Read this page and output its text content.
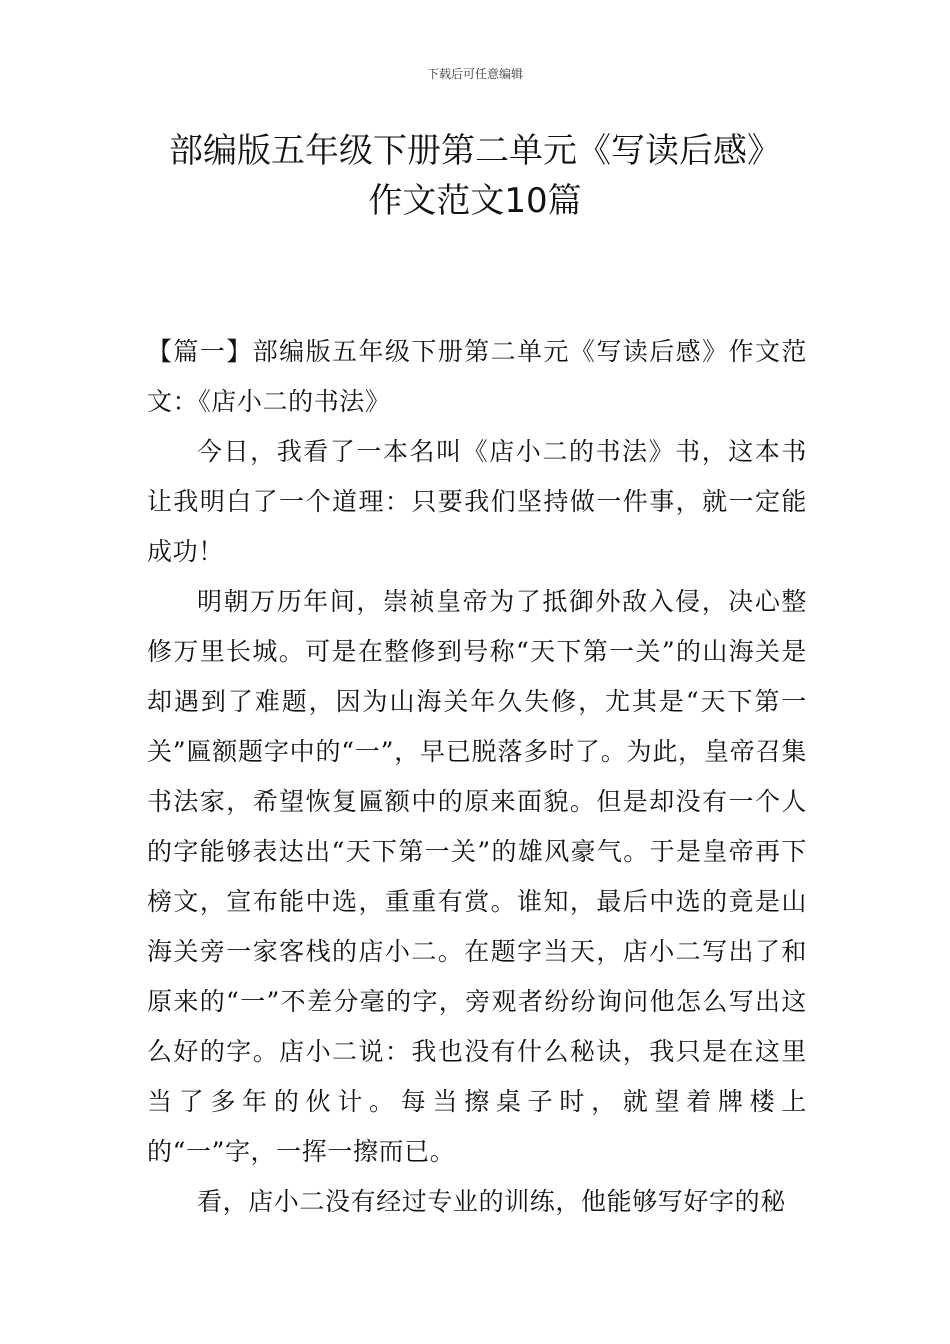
下载后可任意编辑
部编版五年级下册第二单元《写读后感》
作文范文10篇

【篇一】部编版五年级下册第二单元《写读后感》作文范文：《店小二的书法》

今日，我看了一本名叫《店小二的书法》书，这本书让我明白了一个道理：只要我们坚持做一件事，就一定能成功！

明朝万历年间，崇祯皇帝为了抵御外敌入侵，决心整修万里长城。可是在整修到号称“天下第一关”的山海关是却遇到了难题，因为山海关年久失修，尤其是“天下第一关”匾额题字中的“一”，早已脱落多时了。为此，皇帝召集书法家，希望恢复匾额中的原来面貌。但是却没有一个人的字能够表达出“天下第一关”的雄风豪气。于是皇帝再下榜文，宣布能中选，重重有赏。谁知，最后中选的竟是山海关旁一家客栈的店小二。在题字当天，店小二写出了和原来的“一”不差分毫的字，旁观者纷纷询问他怎么写出这么好的字。店小二说：我也没有什么秘诀，我只是在这里当了多年的伙计。每当擦桌子时，就望着牌楼上的“一”字，一挥一擦而已。

看，店小二没有经过专业的训练，他能够写好字的秘
